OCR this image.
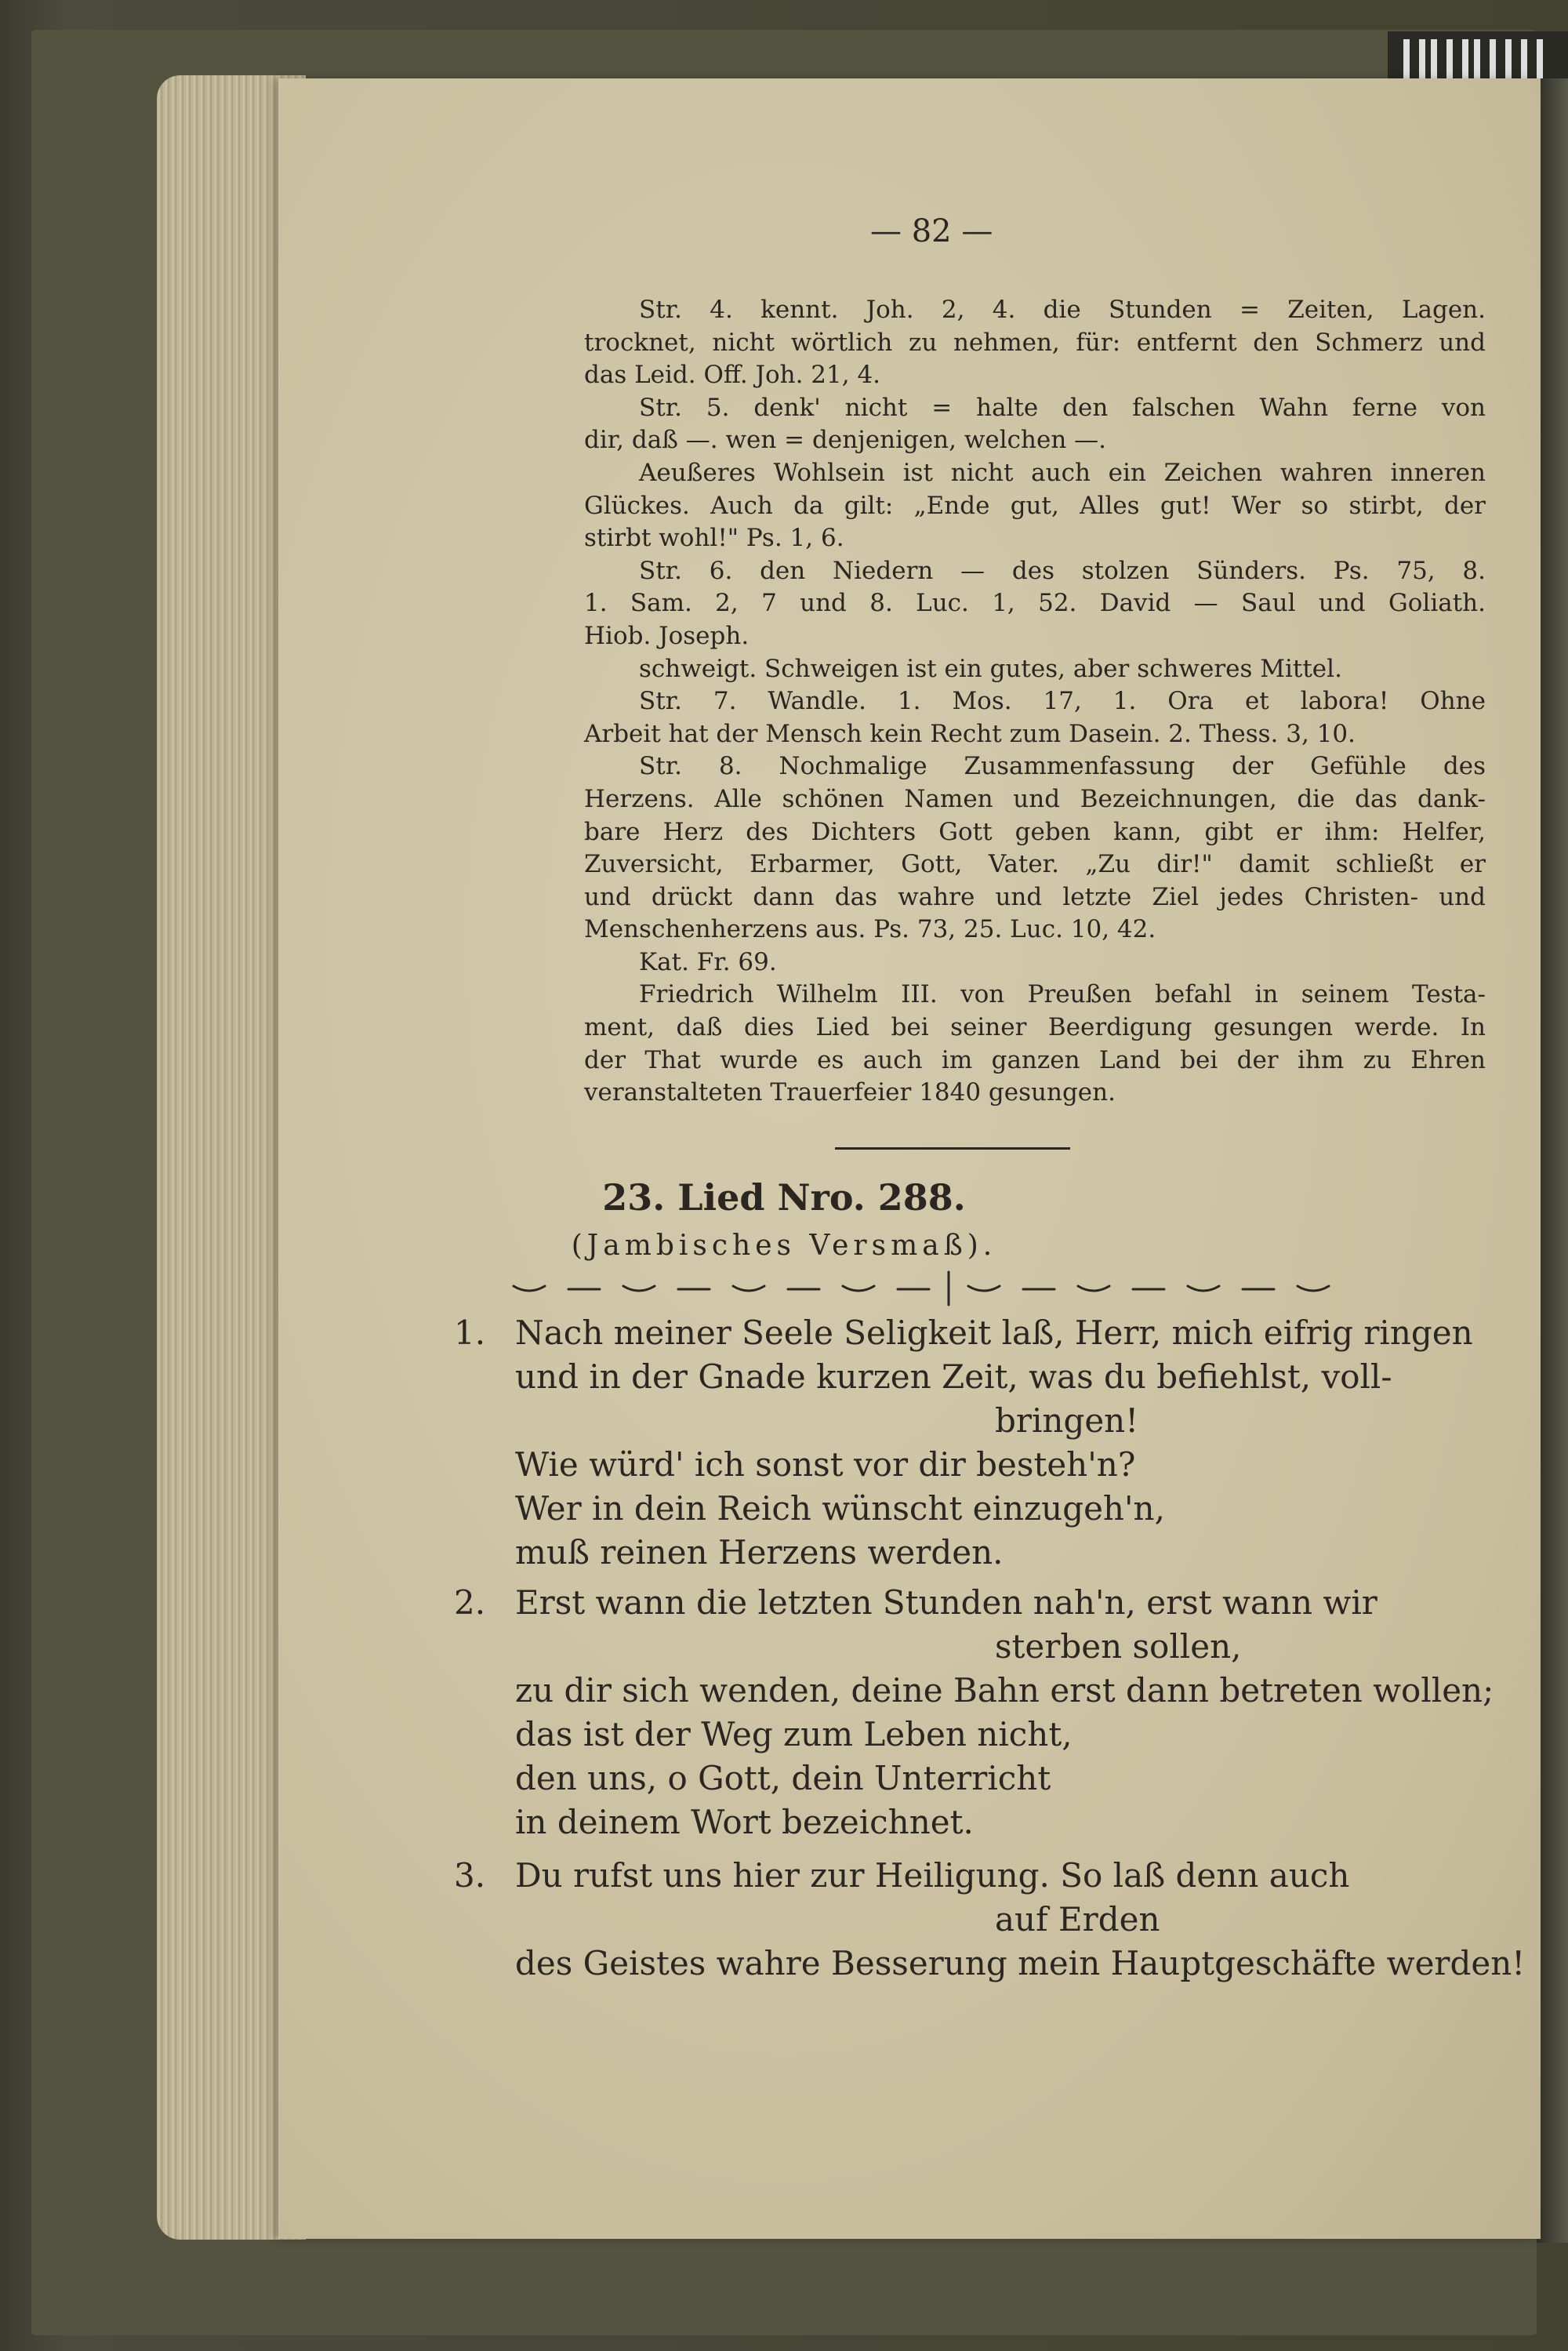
— 82 —
Str. 4. kennt. Joh. 2, 4. die Stunden = Zeiten, Lagen.
trocknet, nicht wörtlich zu nehmen, für: entfernt den Schmerz und
das Leid. Off. Joh. 21, 4.
Str. 5. denk' nicht = halte den falschen Wahn ferne von
dir, daß —. wen = denjenigen, welchen —.
Aeußeres Wohlsein ist nicht auch ein Zeichen wahren inneren
Glückes. Auch da gilt: „Ende gut, Alles gut! Wer so stirbt, der
stirbt wohl!" Ps. 1, 6.
Str. 6. den Niedern — des stolzen Sünders. Ps. 75, 8.
1. Sam. 2, 7 und 8. Luc. 1, 52. David — Saul und Goliath.
Hiob. Joseph.
schweigt. Schweigen ist ein gutes, aber schweres Mittel.
Str. 7. Wandle. 1. Mos. 17, 1. Ora et labora! Ohne
Arbeit hat der Mensch kein Recht zum Dasein. 2. Thess. 3, 10.
Str. 8. Nochmalige Zusammenfassung der Gefühle des
Herzens. Alle schönen Namen und Bezeichnungen, die das dank-
bare Herz des Dichters Gott geben kann, gibt er ihm: Helfer,
Zuversicht, Erbarmer, Gott, Vater. „Zu dir!" damit schließt er
und drückt dann das wahre und letzte Ziel jedes Christen- und
Menschenherzens aus. Ps. 73, 25. Luc. 10, 42.
Kat. Fr. 69.
Friedrich Wilhelm III. von Preußen befahl in seinem Testa-
ment, daß dies Lied bei seiner Beerdigung gesungen werde. In
der That wurde es auch im ganzen Land bei der ihm zu Ehren
veranstalteten Trauerfeier 1840 gesungen.
23. Lied Nro. 288.
(Jambisches Versmaß).
1. Nach meiner Seele Seligkeit laß, Herr, mich eifrig ringen
und in der Gnade kurzen Zeit, was du befiehlst, voll-
bringen!
Wie würd' ich sonst vor dir besteh'n?
Wer in dein Reich wünscht einzugeh'n,
muß reinen Herzens werden.
2. Erst wann die letzten Stunden nah'n, erst wann wir
sterben sollen,
zu dir sich wenden, deine Bahn erst dann betreten wollen;
das ist der Weg zum Leben nicht,
den uns, o Gott, dein Unterricht
in deinem Wort bezeichnet.
3. Du rufst uns hier zur Heiligung. So laß denn auch
auf Erden
des Geistes wahre Besserung mein Hauptgeschäfte werden!
